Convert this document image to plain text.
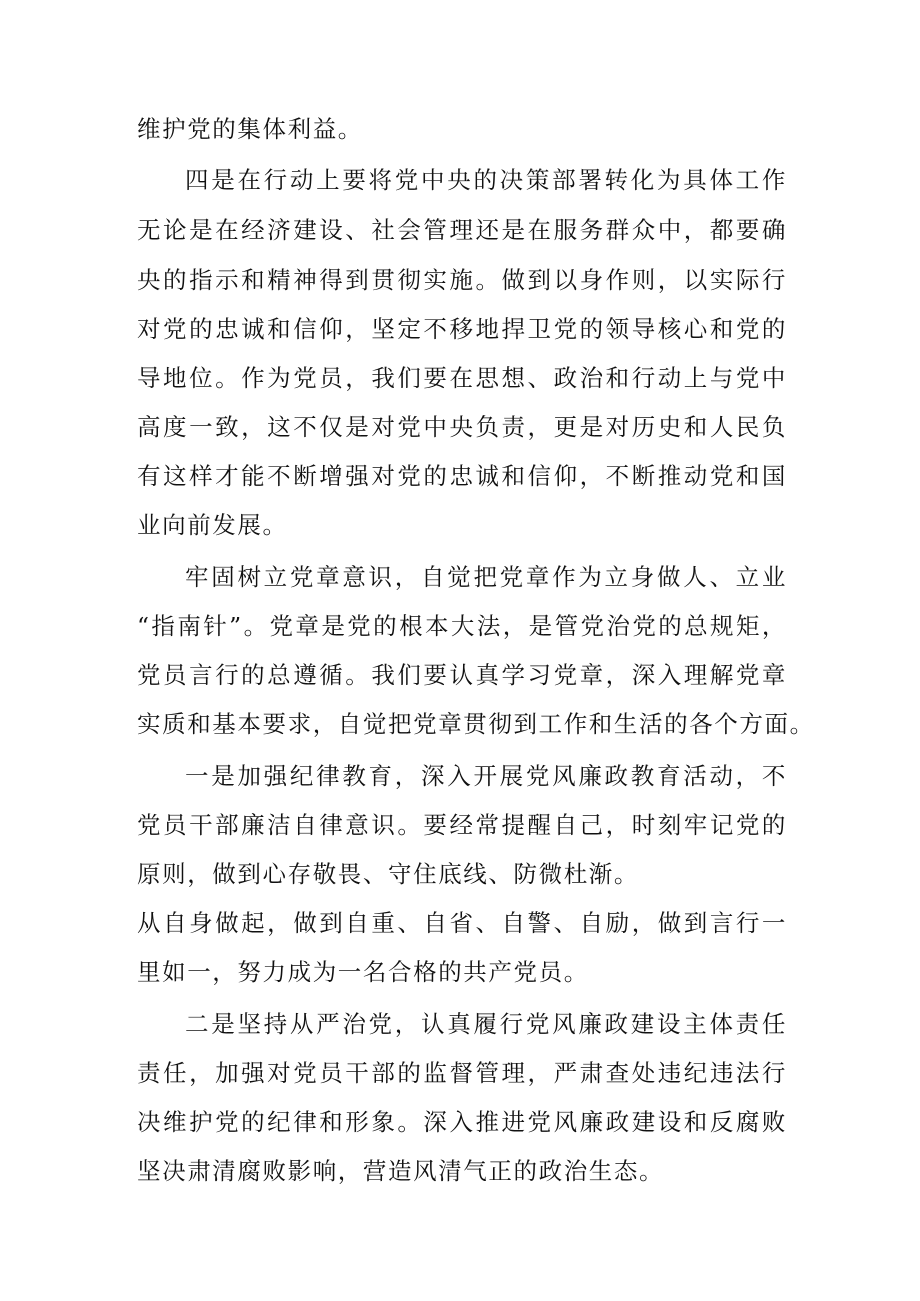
维护党的集体利益。
四是在行动上要将党中央的决策部署转化为具体工作
无论是在经济建设、社会管理还是在服务群众中，都要确
央的指示和精神得到贯彻实施。做到以身作则，以实际行
对党的忠诚和信仰，坚定不移地捍卫党的领导核心和党的
导地位。作为党员，我们要在思想、政治和行动上与党中
高度一致，这不仅是对党中央负责，更是对历史和人民负
有这样才能不断增强对党的忠诚和信仰，不断推动党和国
业向前发展。
牢固树立党章意识，自觉把党章作为立身做人、立业
“指南针”。党章是党的根本大法，是管党治党的总规矩，
党员言行的总遵循。我们要认真学习党章，深入理解党章
实质和基本要求，自觉把党章贯彻到工作和生活的各个方面。
一是加强纪律教育，深入开展党风廉政教育活动，不
党员干部廉洁自律意识。要经常提醒自己，时刻牢记党的
原则，做到心存敬畏、守住底线、防微杜渐。
从自身做起，做到自重、自省、自警、自励，做到言行一
里如一，努力成为一名合格的共产党员。
二是坚持从严治党，认真履行党风廉政建设主体责任
责任，加强对党员干部的监督管理，严肃查处违纪违法行
决维护党的纪律和形象。深入推进党风廉政建设和反腐败
坚决肃清腐败影响，营造风清气正的政治生态。
